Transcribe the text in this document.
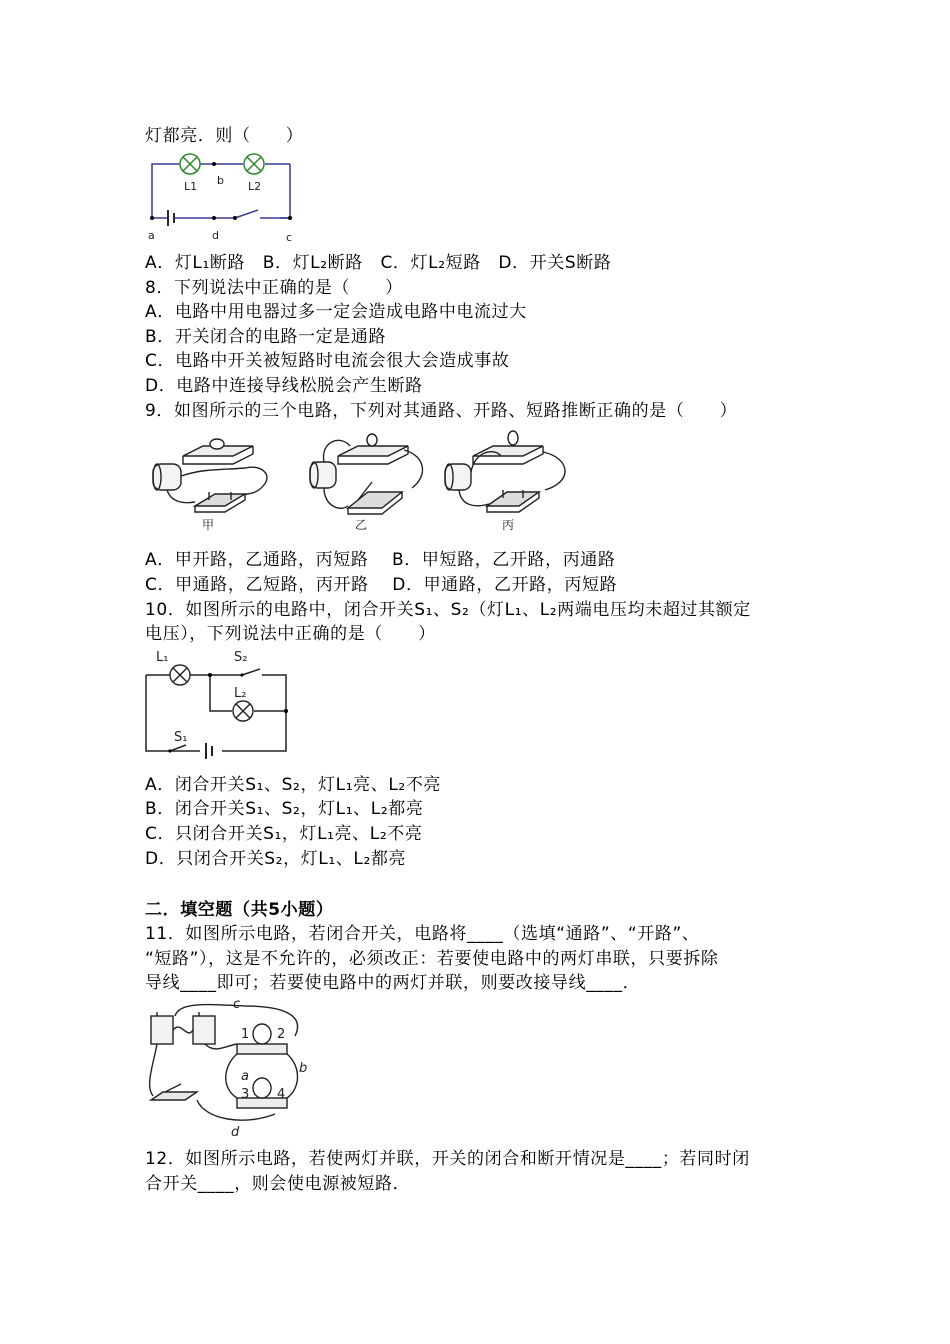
灯都亮．则（　　）
L1	L2
b
a	d	c
A．灯L₁断路　B．灯L₂断路　C．灯L₂短路　D．开关S断路
8．下列说法中正确的是（　　）
A．电路中用电器过多一定会造成电路中电流过大
B．开关闭合的电路一定是通路
C．电路中开关被短路时电流会很大会造成事故
D．电路中连接导线松脱会产生断路
9．如图所示的三个电路，下列对其通路、开路、短路推断正确的是（　　）
甲	乙	丙
A．甲开路，乙通路，丙短路　 B．甲短路，乙开路，丙通路
C．甲通路，乙短路，丙开路　 D．甲通路，乙开路，丙短路
10．如图所示的电路中，闭合开关S₁、S₂（灯L₁、L₂两端电压均未超过其额定
电压），下列说法中正确的是（　　）
L₁	S₂
L₂
S₁
A．闭合开关S₁、S₂，灯L₁亮、L₂不亮
B．闭合开关S₁、S₂，灯L₁、L₂都亮
C．只闭合开关S₁，灯L₁亮、L₂不亮
D．只闭合开关S₂，灯L₁、L₂都亮
二．填空题（共5小题）
11．如图所示电路，若闭合开关，电路将____（选填“通路”、“开路”、
“短路”），这是不允许的，必须改正：若要使电路中的两灯串联，只要拆除
导线____即可；若要使电路中的两灯并联，则要改接导线____．
c
a
b
d
1 2
3 4
12．如图所示电路，若使两灯并联，开关的闭合和断开情况是____；若同时闭
合开关____，则会使电源被短路．
